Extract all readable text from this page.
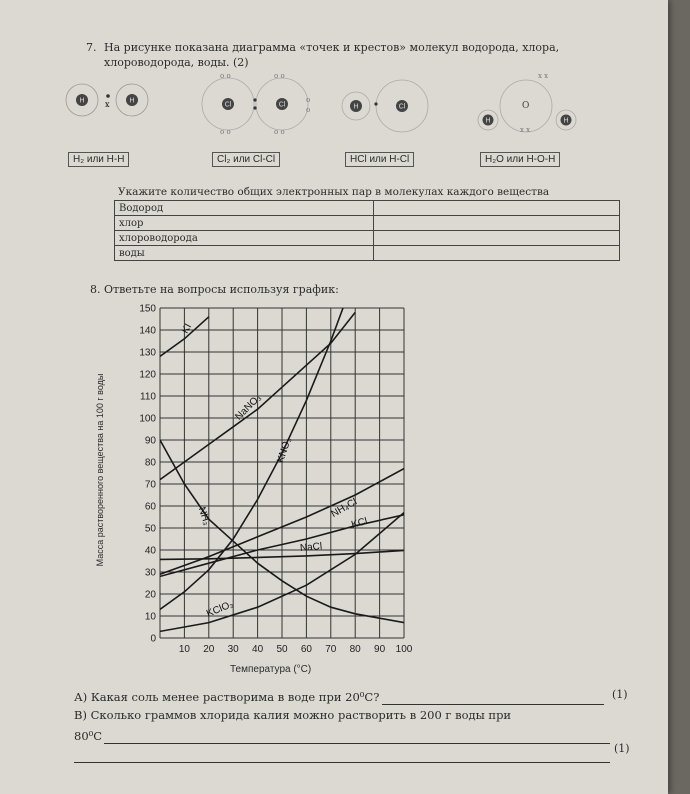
7. На рисунке показана диаграмма «точек и крестов» молекул водорода, хлора, хлороводорода, воды. (2)
H	x	H
Cl	Cl
o o	o o
o o	o o
o
o	H	Cl	O
H	H
x x
x x
H₂ или H-H	Cl₂ или Cl-Cl	HCl или H-Cl	H₂O или H-O-H
Укажите количество общих электронных пар в молекулах каждого вещества
Водород	
хлор	
хлороводорода	
воды	
8. Ответьте на вопросы используя график:
Масса растворенного вещества на 100 г воды
10 20 30 40 50 60 70 80 90 100
0
10
20
30
40
50
60
70
80
90
100
110
120
130
140
150
KI
NaNO₃
KNO₃
NH₃	NH₄Cl
KCl
NaCl
KClO₃
Температура (°С)
А) Какая соль менее растворима в воде при 20⁰С?	(1)
В) Сколько граммов хлорида калия можно растворить в 200 г воды при
80⁰С
(1)
